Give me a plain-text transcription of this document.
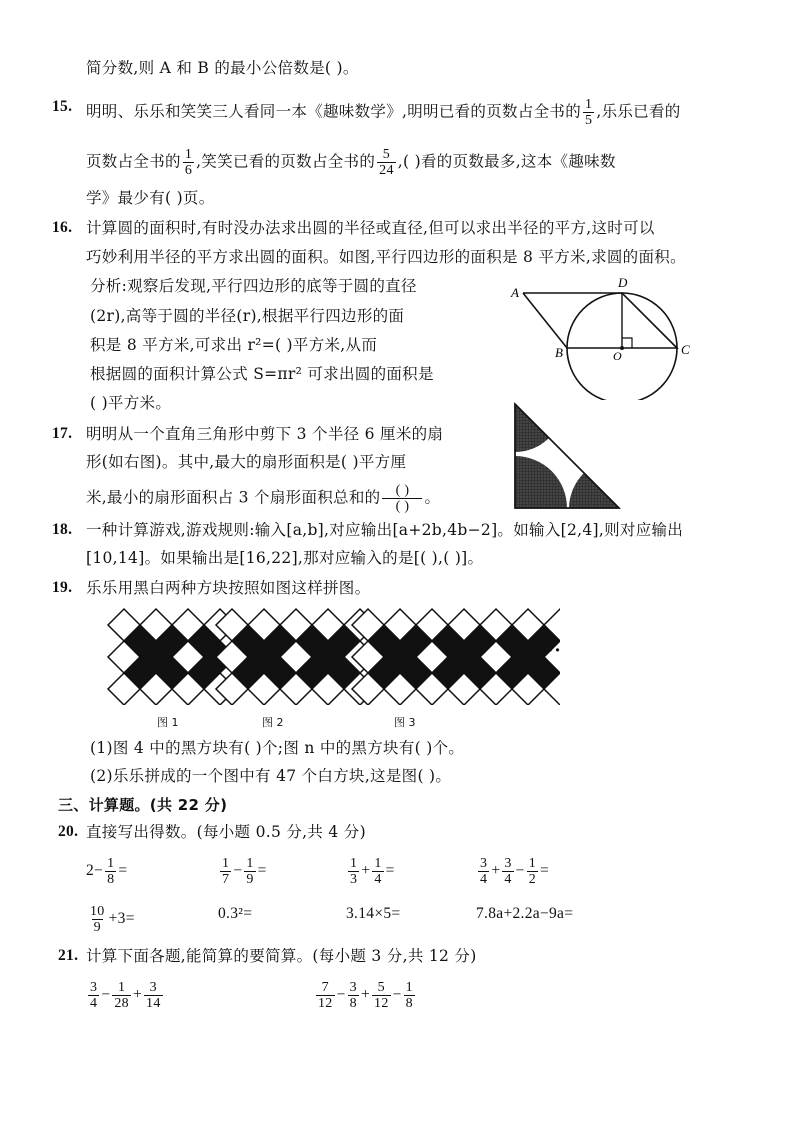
简分数,则 A 和 B 的最小公倍数是( )。
15. 明明、乐乐和笑笑三人看同一本《趣味数学》,明明已看的页数占全书的 $\frac{1}{5}$ ,乐乐已看的
页数占全书的 $\frac{1}{6}$ ,笑笑已看的页数占全书的 $\frac{5}{24}$ ,( )看的页数最多,这本《趣味数
学》最少有( )页。
16. 计算圆的面积时,有时没办法求出圆的半径或直径,但可以求出半径的平方,这时可以
巧妙利用半径的平方求出圆的面积。如图,平行四边形的面积是 8 平方米,求圆的面积。
分析:观察后发现,平行四边形的底等于圆的直径
(2r),高等于圆的半径(r),根据平行四边形的面
积是 8 平方米,可求出 r²=( )平方米,从而
根据圆的面积计算公式 S=πr² 可求出圆的面积是
( )平方米。
A
D
B	C
O
17. 明明从一个直角三角形中剪下 3 个半径 6 厘米的扇
形(如右图)。其中,最大的扇形面积是( )平方厘
米,最小的扇形面积占 3 个扇形面积总和的 $\frac{( )}{( )}$ 。
18. 一种计算游戏,游戏规则:输入[a,b],对应输出[a+2b,4b−2]。如输入[2,4],则对应输出
[10,14]。如果输出是[16,22],那对应输入的是[( ),( )]。
19. 乐乐用黑白两种方块按照如图这样拼图。
······
图 1	图 2	图 3
(1)图 4 中的黑方块有( )个;图 n 中的黑方块有( )个。
(2)乐乐拼成的一个图中有 47 个白方块,这是图( )。
三、计算题。(共 22 分)
20. 直接写出得数。(每小题 0.5 分,共 4 分)
$2- \frac{1}{8}$ =	$\frac{1}{7} - \frac{1}{9}$ =	$\frac{1}{3} + \frac{1}{4}$ =	$\frac{3}{4} + \frac{3}{4} - \frac{1}{2}$ =
$\frac{10}{9} +3=$	0.3²=	3.14×5=	7.8a+2.2a−9a=
21. 计算下面各题,能简算的要简算。(每小题 3 分,共 12 分)
$\frac{3}{4} - \frac{1}{28} + \frac{3}{14}$	$\frac{7}{12} - \frac{3}{8} + \frac{5}{12} - \frac{1}{8}$
